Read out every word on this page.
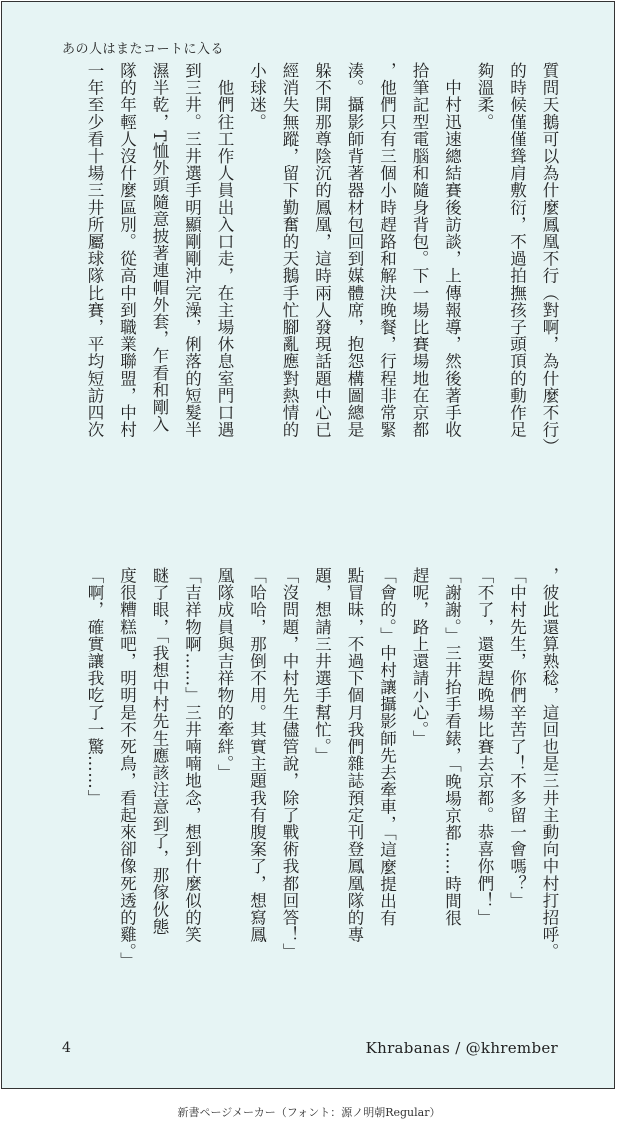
あの人はまたコートに入る

質問天鵝可以為什麼鳳凰不行（對啊，為什麼不行）

的時候僅僅聳肩敷衍，不過拍撫孩子頭頂的動作足

夠溫柔。

　中村迅速總結賽後訪談，上傳報導，然後著手收

拾筆記型電腦和隨身背包。下一場比賽場地在京都

，他們只有三個小時趕路和解決晚餐，行程非常緊

湊。攝影師背著器材包回到媒體席，抱怨構圖總是

躲不開那尊陰沉的鳳凰，這時兩人發現話題中心已

經消失無蹤，留下勤奮的天鵝手忙腳亂應對熱情的

小球迷。

　他們往工作人員出入口走，在主場休息室門口遇

到三井。三井選手明顯剛剛沖完澡，俐落的短髮半

濕半乾，T恤外頭隨意披著連帽外套，乍看和剛入

隊的年輕人沒什麼區別。從高中到職業聯盟，中村

一年至少看十場三井所屬球隊比賽，平均短訪四次

，彼此還算熟稔，這回也是三井主動向中村打招呼。

「中村先生，你們辛苦了！不多留一會嗎？」

「不了，還要趕晚場比賽去京都。恭喜你們！」

「謝謝。」三井抬手看錶，「晚場京都……時間很

趕呢，路上還請小心。」

「會的。」中村讓攝影師先去牽車，「這麼提出有

點冒昧，不過下個月我們雜誌預定刊登鳳凰隊的專

題，想請三井選手幫忙。」

「沒問題，中村先生儘管說，除了戰術我都回答！」

「哈哈，那倒不用。其實主題我有腹案了，想寫鳳

凰隊成員與吉祥物的牽絆。」

「吉祥物啊……」三井喃喃地念，想到什麼似的笑

瞇了眼，「我想中村先生應該注意到了，那傢伙態

度很糟糕吧，明明是不死鳥，看起來卻像死透的雞。」

「啊，確實讓我吃了一驚……」

4	Khrabanas / @khrember
新書ページメーカー（フォント：源ノ明朝Regular）
